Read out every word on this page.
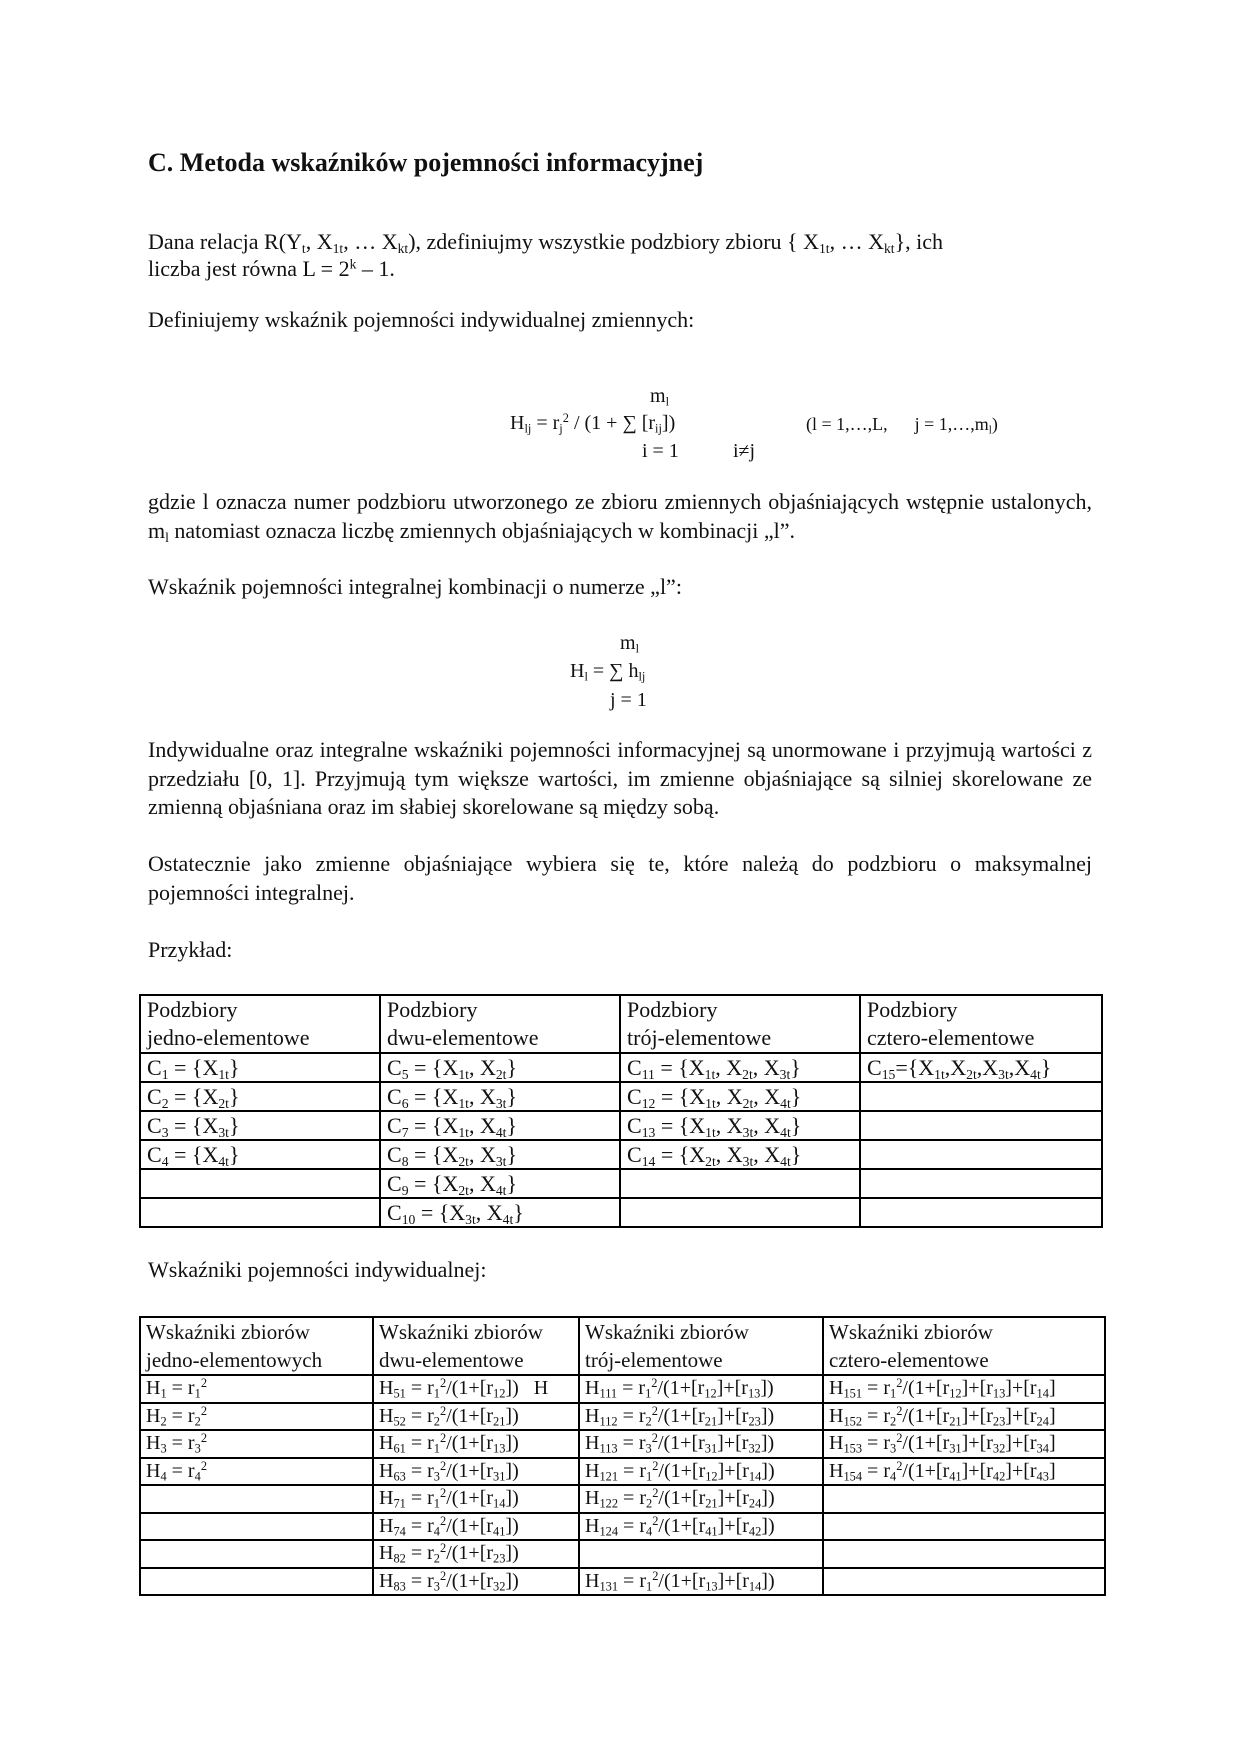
C. Metoda wskaźników pojemności informacyjnej

Dana relacja $R(Y_t$, $X_{1t}$, … $X_{kt}$), zdefiniujmy wszystkie podzbiory zbioru { $X_{1t}$, … $X_{kt}$}, ich

liczba jest równa $L = 2^k - 1$.

Definiujemy wskaźnik pojemności indywidualnej zmiennych:

$m_l$
$H_{lj} = r_j^2 / (1$ + ∑ $[r_{ij}]$)
i = 1	i≠j
(l = 1,…,L,      $j = 1,\dots,m_l$)

gdzie l oznacza numer podzbioru utworzonego ze zbioru zmiennych objaśniających wstępnie ustalonych, $m_l$ natomiast oznacza liczbę zmiennych objaśniających w kombinacji „l”.

Wskaźnik pojemności integralnej kombinacji o numerze „l”:

$m_l$
$H_l$ = ∑ $h_{lj}$
j = 1

Indywidualne oraz integralne wskaźniki pojemności informacyjnej są unormowane i przyjmują wartości z przedziału [0, 1]. Przyjmują tym większe wartości, im zmienne objaśniające są silniej skorelowane ze zmienną objaśniana oraz im słabiej skorelowane są między sobą.

Ostatecznie jako zmienne objaśniające wybiera się te, które należą do podzbioru o maksymalnej pojemności integralnej.

Przykład:

Wskaźniki pojemności indywidualnej:

Podzbiory
jedno-elementowe	Podzbiory
dwu-elementowe	Podzbiory
trój-elementowe	Podzbiory
cztero-elementowe
$C_1 = \{X_{1t}\}$	$C_5 = \{X_{1t}$, $X_{2t}$}	$C_{11} = \{X_{1t}$, $X_{2t}$, $X_{3t}$}	$C_{15}=\{X_{1t},X_{2t},X_{3t},X_{4t}\}$
$C_2 = \{X_{2t}\}$	$C_6 = \{X_{1t}$, $X_{3t}$}	$C_{12} = \{X_{1t}$, $X_{2t}$, $X_{4t}$}	
$C_3 = \{X_{3t}\}$	$C_7 = \{X_{1t}$, $X_{4t}$}	$C_{13} = \{X_{1t}$, $X_{3t}$, $X_{4t}$}	
$C_4 = \{X_{4t}\}$	$C_8 = \{X_{2t}$, $X_{3t}$}	$C_{14} = \{X_{2t}$, $X_{3t}$, $X_{4t}$}	
	$C_9 = \{X_{2t}$, $X_{4t}$}		
	$C_{10} = \{X_{3t}$, $X_{4t}$}		
Wskaźniki zbiorów
jedno-elementowych	Wskaźniki zbiorów
dwu-elementowe	Wskaźniki zbiorów
trój-elementowe	Wskaźniki zbiorów
cztero-elementowe
$H_1 = r_1^2$	$H_{51} = r_1^2/(1+[r_{12}])$   H	$H_{111} = r_1^2/(1+[r_{12}]+[r_{13}])$	$H_{151} = r_1^2/(1+[r_{12}]+[r_{13}]+[r_{14}]$
$H_2 = r_2^2$	$H_{52} = r_2^2/(1+[r_{21}])$	$H_{112} = r_2^2/(1+[r_{21}]+[r_{23}])$	$H_{152} = r_2^2/(1+[r_{21}]+[r_{23}]+[r_{24}]$
$H_3 = r_3^2$	$H_{61} = r_1^2/(1+[r_{13}])$	$H_{113} = r_3^2/(1+[r_{31}]+[r_{32}])$	$H_{153} = r_3^2/(1+[r_{31}]+[r_{32}]+[r_{34}]$
$H_4 = r_4^2$	$H_{63} = r_3^2/(1+[r_{31}])$	$H_{121} = r_1^2/(1+[r_{12}]+[r_{14}])$	$H_{154} = r_4^2/(1+[r_{41}]+[r_{42}]+[r_{43}]$
	$H_{71} = r_1^2/(1+[r_{14}])$	$H_{122} = r_2^2/(1+[r_{21}]+[r_{24}])$	
	$H_{74} = r_4^2/(1+[r_{41}])$	$H_{124} = r_4^2/(1+[r_{41}]+[r_{42}])$	
	$H_{82} = r_2^2/(1+[r_{23}])$		
	$H_{83} = r_3^2/(1+[r_{32}])$	$H_{131} = r_1^2/(1+[r_{13}]+[r_{14}])$	
